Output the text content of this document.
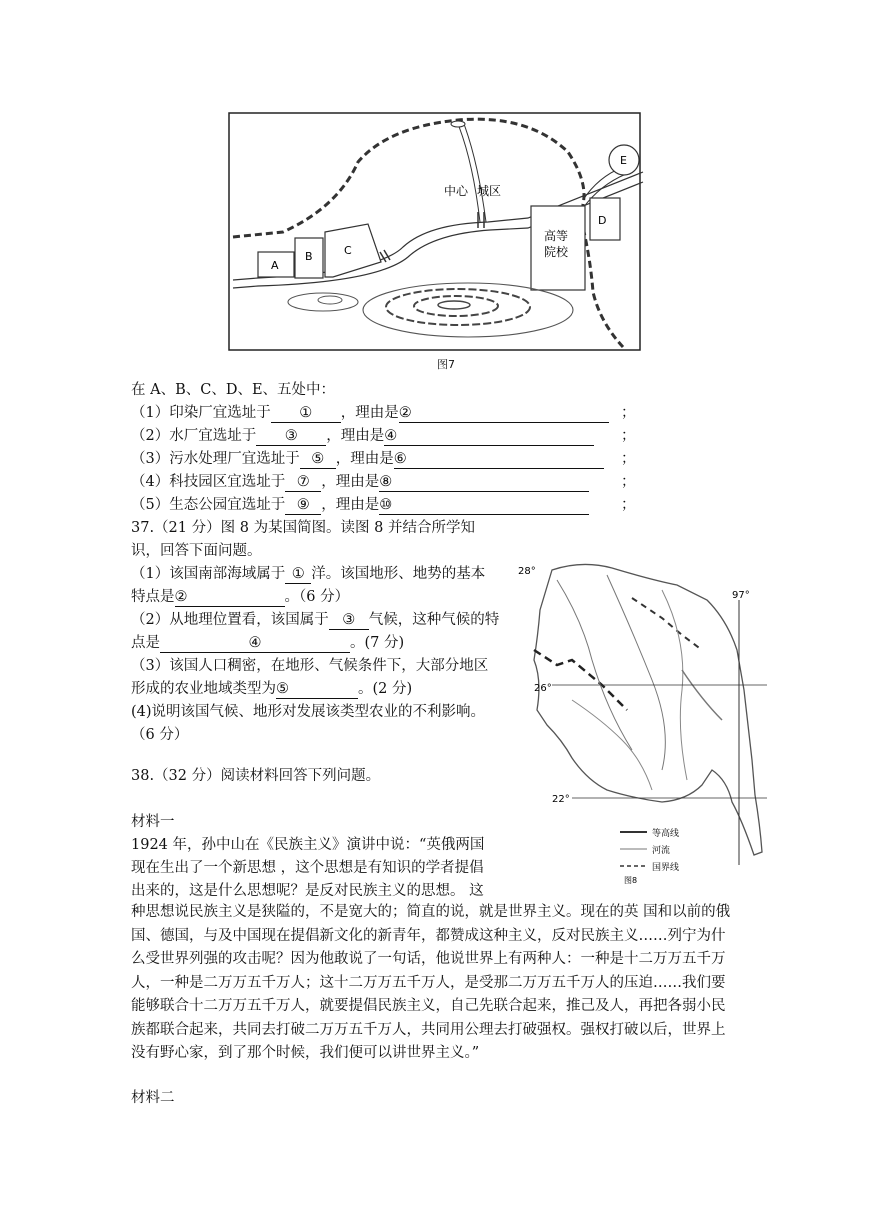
中心 城区
高等
院校
A
B	C
D
E
图7
在 A、B、C、D、E、五处中：
（1）印染厂宜选址于 ① ，理由是②	；
（2）水厂宜选址于 ③ ，理由是④	；
（3）污水处理厂宜选址于 ⑤ ，理由是⑥	；
（4）科技园区宜选址于 ⑦ ，理由是⑧	；
（5）生态公园宜选址于 ⑨ ，理由是⑩	；
37.（21 分）图 8 为某国简图。读图 8 并结合所学知
识，回答下面问题。
（1）该国南部海域属于 ① 洋。该国地形、地势的基本
特点是②	。（6 分）
（2）从地理位置看，该国属于 ③ 气候，这种气候的特
点是	④	。(7 分)
（3）该国人口稠密，在地形、气候条件下，大部分地区
形成的农业地域类型为⑤	。(2 分)
(4)说明该国气候、地形对发展该类型农业的不利影响。
（6 分）
28°
26°
22°
97°
等高线
河流
国界线
图8
38.（32 分）阅读材料回答下列问题。
材料一
1924 年，孙中山在《民族主义》演讲中说：“英俄两国
现在生出了一个新思想 ，这个思想是有知识的学者提倡
出来的，这是什么思想呢？是反对民族主义的思想。 这
种思想说民族主义是狭隘的，不是宽大的；简直的说，就是世界主义。现在的英 国和以前的俄国、德国，与及中国现在提倡新文化的新青年，都赞成这种主义，反对民族主义……列宁为什么受世界列强的攻击呢？因为他敢说了一句话，他说世界上有两种人：一种是十二万万五千万人，一种是二万万五千万人；这十二万万五千万人，是受那二万万五千万人的压迫……我们要能够联合十二万万五千万人，就要提倡民族主义，自己先联合起来，推己及人，再把各弱小民族都联合起来，共同去打破二万万五千万人，共同用公理去打破强权。强权打破以后，世界上没有野心家，到了那个时候，我们便可以讲世界主义。”
材料二
